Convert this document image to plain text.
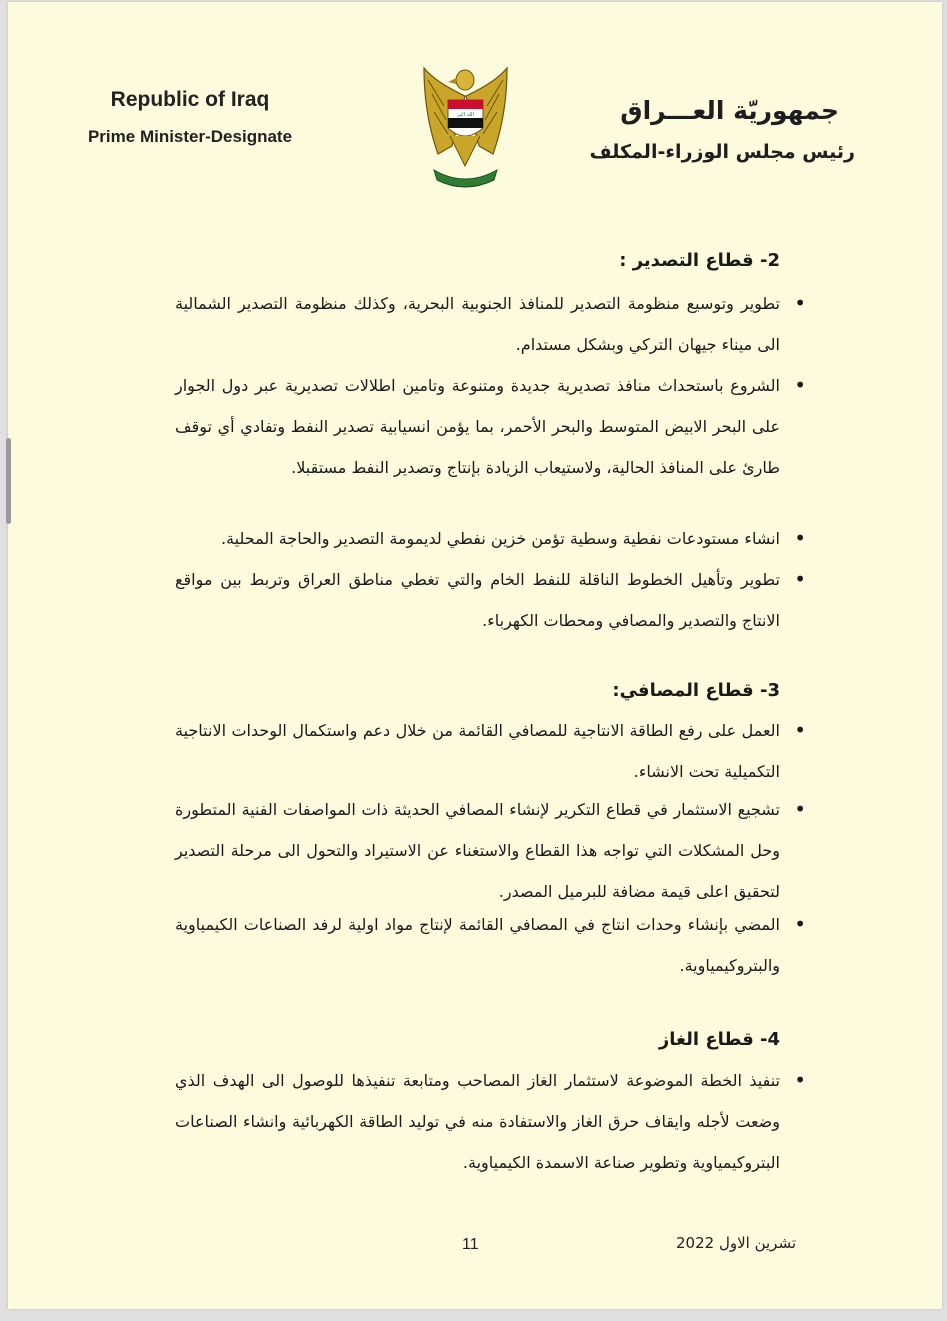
Republic of Iraq
Prime Minister-Designate
الله اكبر	جمهوريّة العـــراق
رئيس مجلس الوزراء-المكلف
2- قطاع التصدير :
• تطوير وتوسيع منظومة التصدير للمنافذ الجنوبية البحرية، وكذلك منظومة التصدير الشمالية الى ميناء جيهان التركي وبشكل مستدام.
• الشروع باستحداث منافذ تصديرية جديدة ومتنوعة وتامين اطلالات تصديرية عبر دول الجوار على البحر الابيض المتوسط والبحر الأحمر، بما يؤمن انسيابية تصدير النفط وتفادي أي توقف طارئ على المنافذ الحالية، ولاستيعاب الزيادة بإنتاج وتصدير النفط مستقبلا.
• انشاء مستودعات نفطية وسطية تؤمن خزين نفطي لديمومة التصدير والحاجة المحلية.
• تطوير وتأهيل الخطوط الناقلة للنفط الخام والتي تغطي مناطق العراق وتربط بين مواقع الانتاج والتصدير والمصافي ومحطات الكهرباء.
3- قطاع المصافي:
• العمل على رفع الطاقة الانتاجية للمصافي القائمة من خلال دعم واستكمال الوحدات الانتاجية التكميلية تحت الانشاء.
• تشجيع الاستثمار في قطاع التكرير لإنشاء المصافي الحديثة ذات المواصفات الفنية المتطورة وحل المشكلات التي تواجه هذا القطاع والاستغناء عن الاستيراد والتحول الى مرحلة التصدير لتحقيق اعلى قيمة مضافة للبرميل المصدر.
• المضي بإنشاء وحدات انتاج في المصافي القائمة لإنتاج مواد اولية لرفد الصناعات الكيمياوية والبتروكيمياوية.
4- قطاع الغاز
• تنفيذ الخطة الموضوعة لاستثمار الغاز المصاحب ومتابعة تنفيذها للوصول الى الهدف الذي وضعت لأجله وايقاف حرق الغاز والاستفادة منه في توليد الطاقة الكهربائية وانشاء الصناعات البتروكيمياوية وتطوير صناعة الاسمدة الكيمياوية.
11	تشرين الاول 2022
